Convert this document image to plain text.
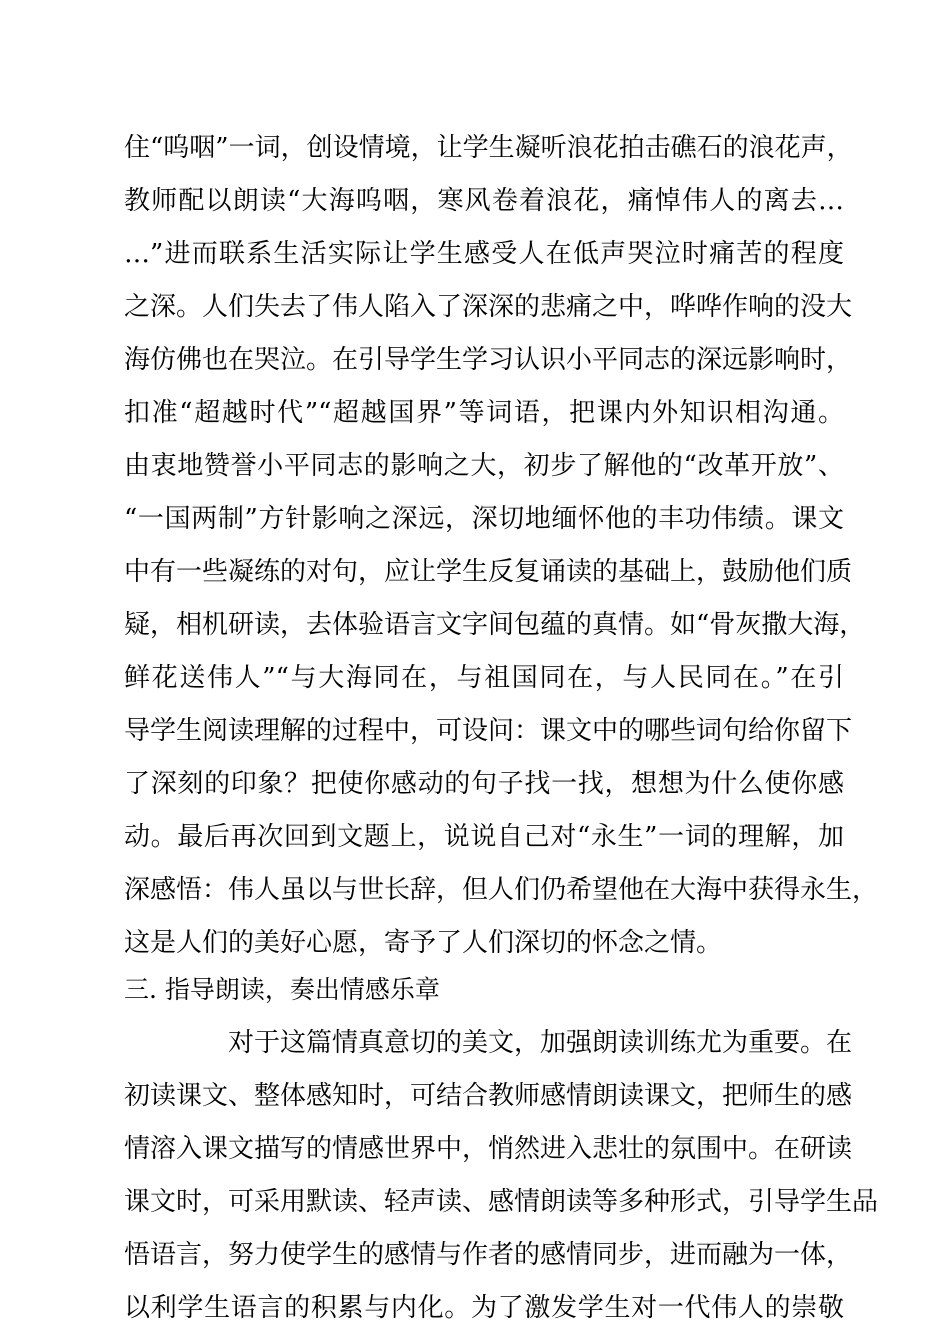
住“呜咽”一词，创设情境，让学生凝听浪花拍击礁石的浪花声，
教师配以朗读“大海呜咽，寒风卷着浪花，痛悼伟人的离去…
…”进而联系生活实际让学生感受人在低声哭泣时痛苦的程度
之深。人们失去了伟人陷入了深深的悲痛之中，哗哗作响的没大
海仿佛也在哭泣。在引导学生学习认识小平同志的深远影响时，
扣准“超越时代”“超越国界”等词语，把课内外知识相沟通。
由衷地赞誉小平同志的影响之大，初步了解他的“改革开放”、
“一国两制”方针影响之深远，深切地缅怀他的丰功伟绩。课文
中有一些凝练的对句，应让学生反复诵读的基础上，鼓励他们质
疑，相机研读，去体验语言文字间包蕴的真情。如“骨灰撒大海，
鲜花送伟人”“与大海同在，与祖国同在，与人民同在。”在引
导学生阅读理解的过程中，可设问：课文中的哪些词句给你留下
了深刻的印象？把使你感动的句子找一找，想想为什么使你感
动。最后再次回到文题上，说说自己对“永生”一词的理解，加
深感悟：伟人虽以与世长辞，但人们仍希望他在大海中获得永生，
这是人们的美好心愿，寄予了人们深切的怀念之情。
三. 指导朗读，奏出情感乐章
对于这篇情真意切的美文，加强朗读训练尤为重要。在
初读课文、整体感知时，可结合教师感情朗读课文，把师生的感
情溶入课文描写的情感世界中，悄然进入悲壮的氛围中。在研读
课文时，可采用默读、轻声读、感情朗读等多种形式，引导学生品
悟语言，努力使学生的感情与作者的感情同步，进而融为一体，
以利学生语言的积累与内化。为了激发学生对一代伟人的崇敬
